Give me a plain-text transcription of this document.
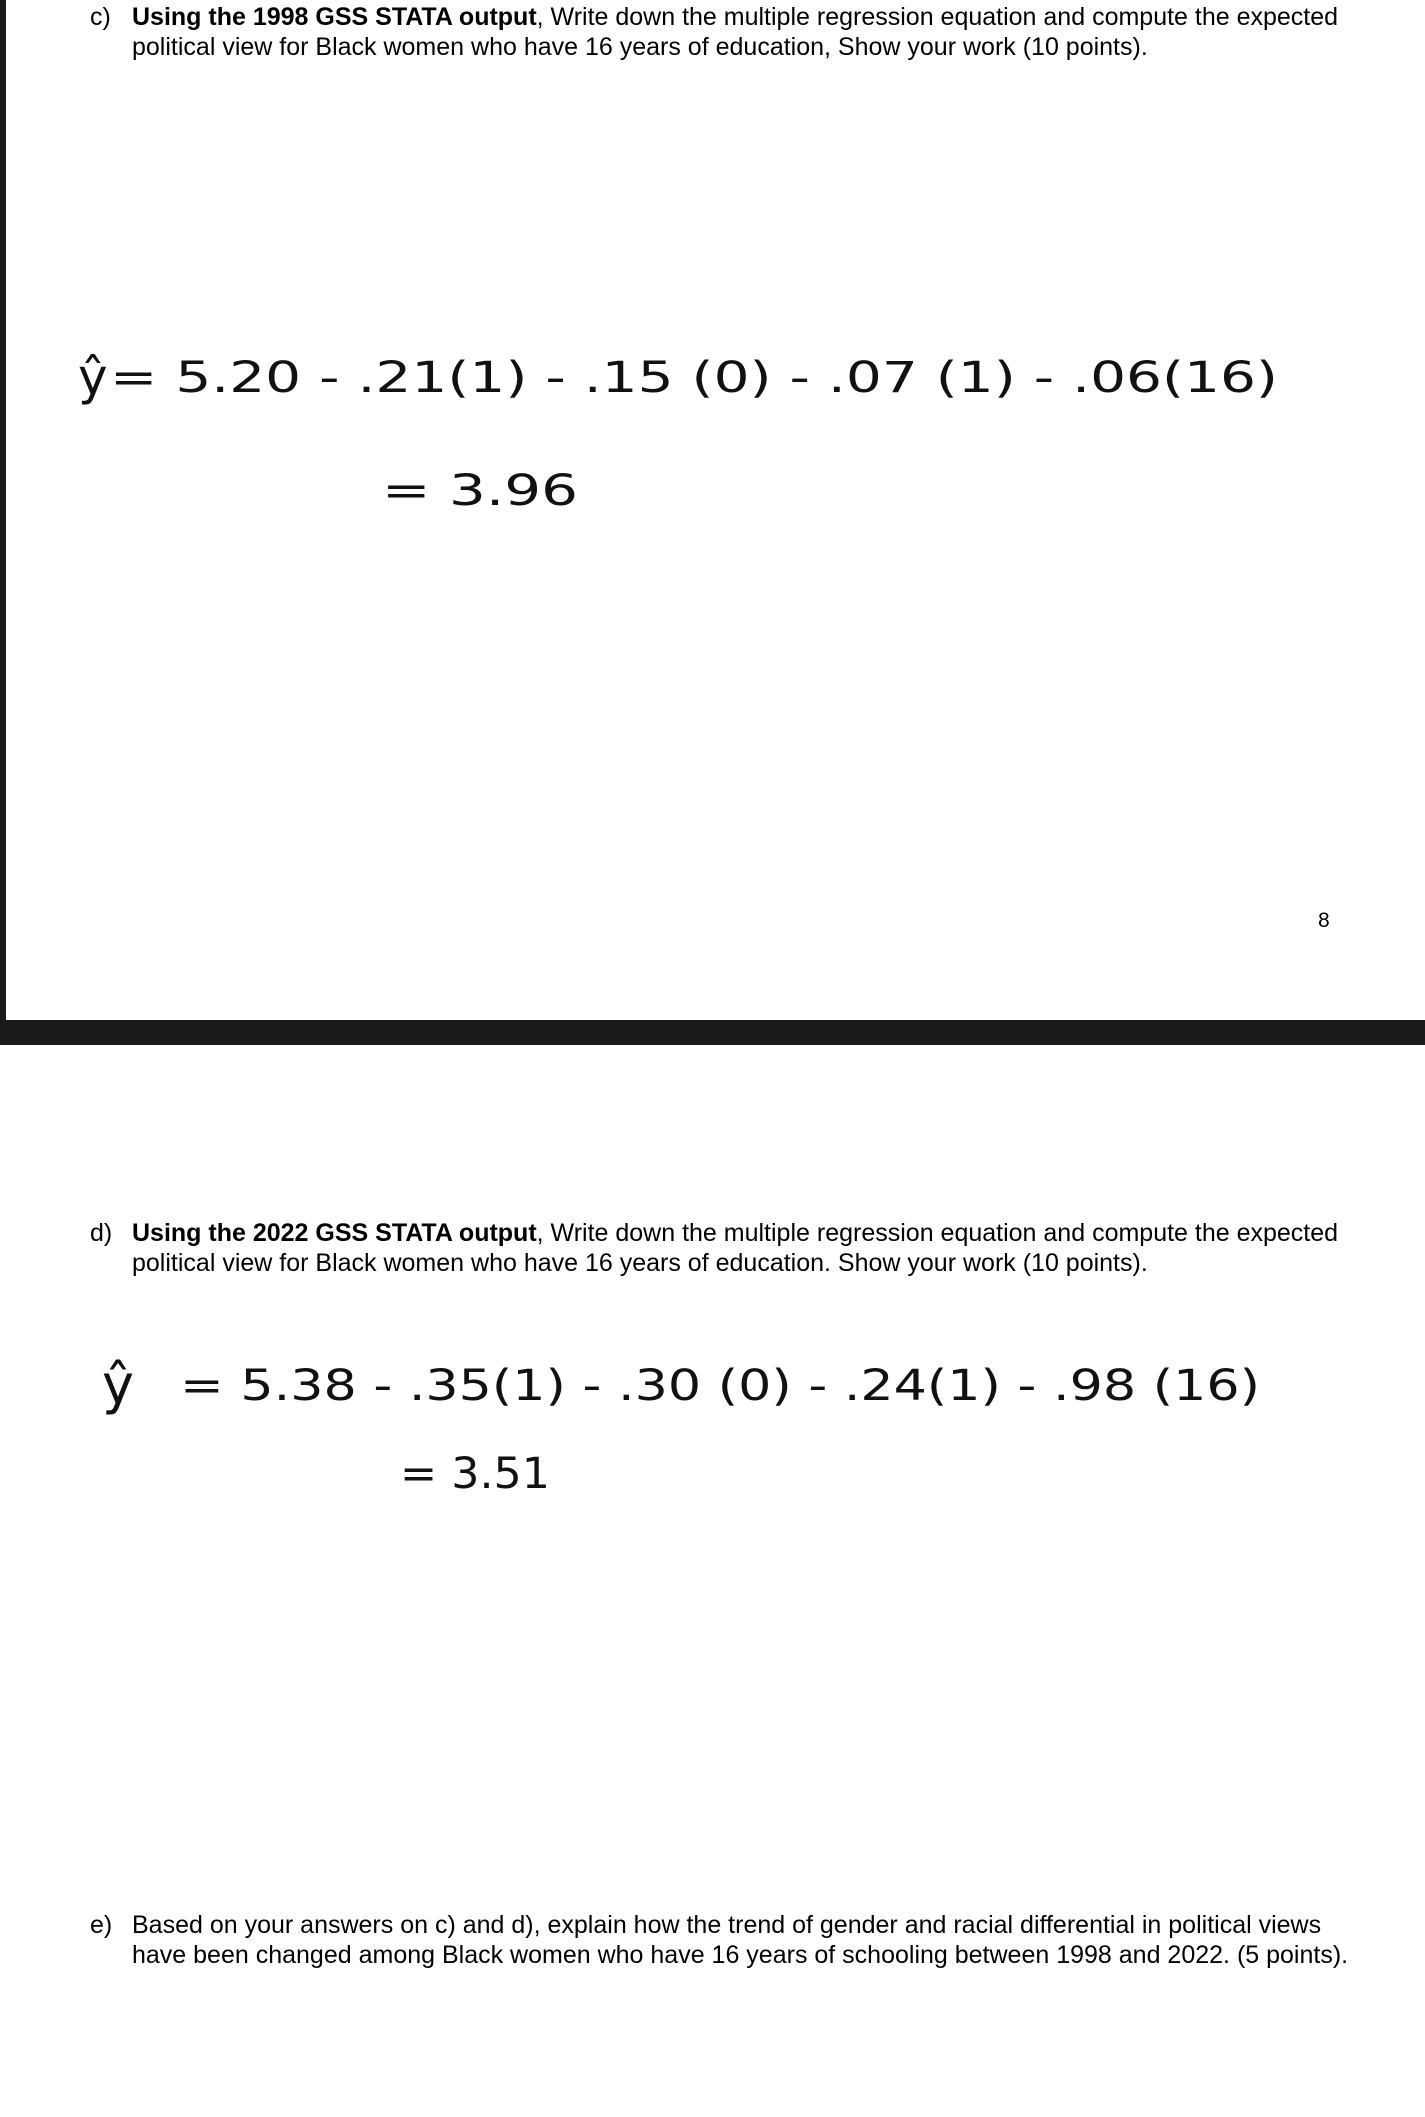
c) Using the 1998 GSS STATA output, Write down the multiple regression equation and compute the expected political view for Black women who have 16 years of education, Show your work (10 points).
ŷ = 5.20 - .21(1) - .15 (0) - .07 (1) - .06(16)
= 3.96
ŷ = 5.38 - .35(1) - .30 (0) - .24(1) - .98 (16)
= 3.51
8
d) Using the 2022 GSS STATA output, Write down the multiple regression equation and compute the expected political view for Black women who have 16 years of education. Show your work (10 points).
e) Based on your answers on c) and d), explain how the trend of gender and racial differential in political views have been changed among Black women who have 16 years of schooling between 1998 and 2022. (5 points).
